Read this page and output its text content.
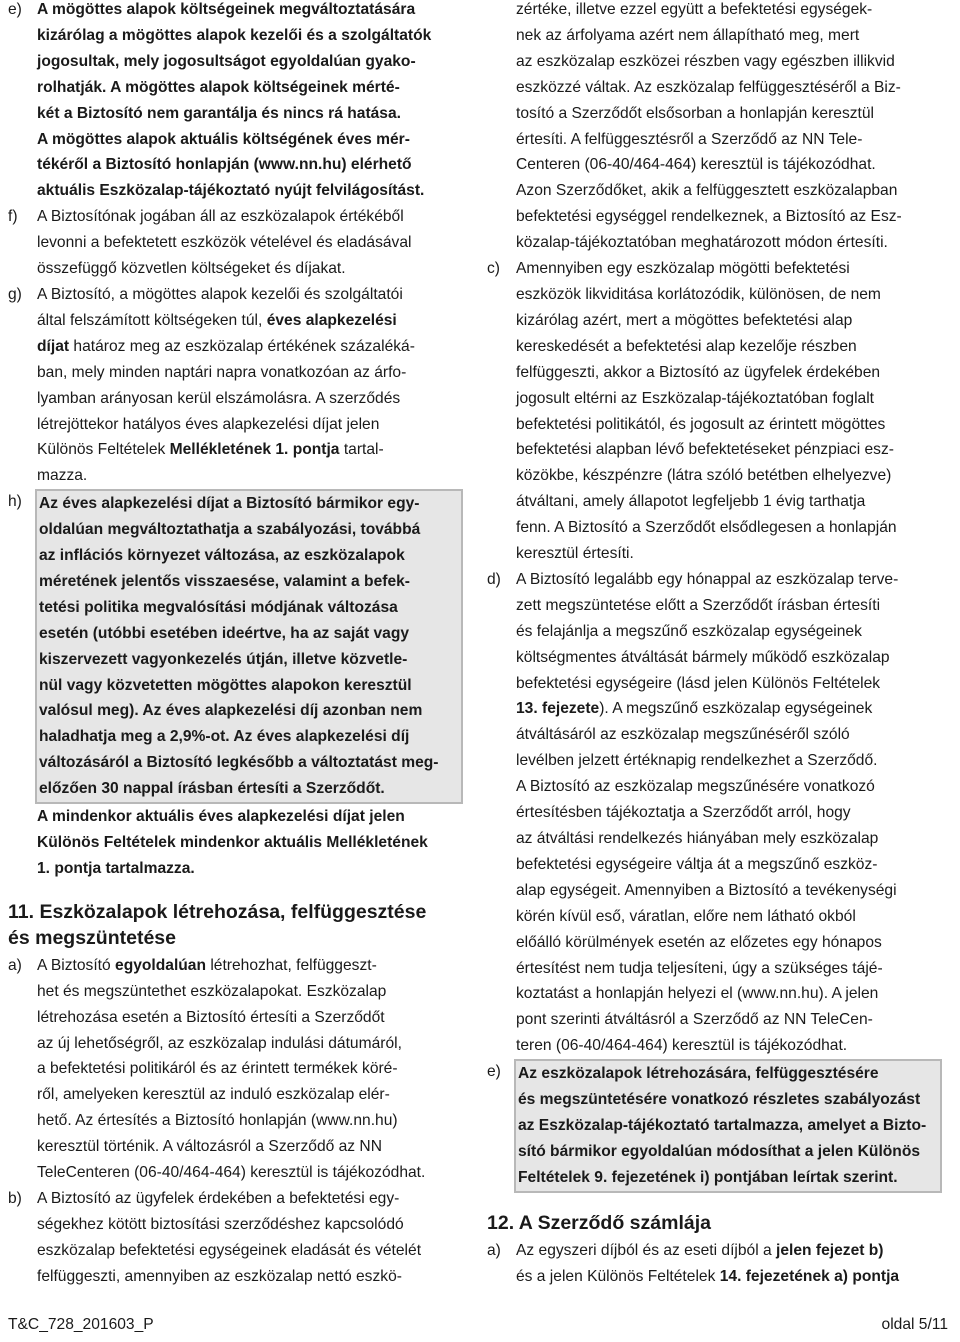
e) A mögöttes alapok költségeinek megváltoztatására
kizárólag a mögöttes alapok kezelői és a szolgáltatók
jogosultak, mely jogosultságot egyoldalúan gyako-
rolhatják. A mögöttes alapok költségeinek mérté-
két a Biztosító nem garantálja és nincs rá hatása.
A mögöttes alapok aktuális költségének éves mér-
tékéről a Biztosító honlapján (www.nn.hu) elérhető
aktuális Eszközalap-tájékoztató nyújt felvilágosítást.
f)	A Biztosítónak jogában áll az eszközalapok értékéből
levonni a befektetett eszközök vételével és eladásával
összefüggő közvetlen költségeket és díjakat.
g) A Biztosító, a mögöttes alapok kezelői és szolgáltatói
által felszámított költségeken túl, éves alapkezelési
díjat határoz meg az eszközalap értékének százaléká-
ban, mely minden naptári napra vonatkozóan az árfo-
lyamban arányosan kerül elszámolásra. A szerződés
létrejöttekor hatályos éves alapkezelési díjat jelen
Különös Feltételek Mellékletének 1. pontja tartal-
mazza.
h)	Az éves alapkezelési díjat a Biztosító bármikor egy-
oldalúan megváltoztathatja a szabályozási, továbbá
az inflációs környezet változása, az eszközalapok
méretének jelentős visszaesése, valamint a befek-
tetési politika megvalósítási módjának változása
esetén (utóbbi esetében ideértve, ha az saját vagy
kiszervezett vagyonkezelés útján, illetve közvetle-
nül vagy közvetetten mögöttes alapokon keresztül
valósul meg). Az éves alapkezelési díj azonban nem
haladhatja meg a 2,9%-ot. Az éves alapkezelési díj
változásáról a Biztosító legkésőbb a változtatást meg-
előzően 30 nappal írásban értesíti a Szerződőt.
A mindenkor aktuális éves alapkezelési díjat jelen
Különös Feltételek mindenkor aktuális Mellékletének
1. pontja tartalmazza.
11. Eszközalapok létrehozása, felfüggesztése
és megszüntetése
a) A Biztosító egyoldalúan létrehozhat, felfüggeszt-
het és megszüntethet eszközalapokat. Eszközalap
létrehozása esetén a Biztosító értesíti a Szerződőt
az új lehetőségről, az eszközalap indulási dátumáról,
a befektetési politikáról és az érintett termékek köré-
ről, amelyeken keresztül az induló eszközalap elér-
hető. Az értesítés a Biztosító honlapján (www.nn.hu)
keresztül történik. A változásról a Szerződő az NN
TeleCenteren (06-40/464-464) keresztül is tájékozódhat.
b) A Biztosító az ügyfelek érdekében a befektetési egy-
ségekhez kötött biztosítási szerződéshez kapcsolódó
eszközalap befektetési egységeinek eladását és vételét
felfüggeszti, amennyiben az eszközalap nettó eszkö-
zértéke, illetve ezzel együtt a befektetési egységek-
nek az árfolyama azért nem állapítható meg, mert
az eszközalap eszközei részben vagy egészben illikvid
eszközzé váltak. Az eszközalap felfüggesztéséről a Biz-
tosító a Szerződőt elsősorban a honlapján keresztül
értesíti. A felfüggesztésről a Szerződő az NN Tele-
Centeren (06-40/464-464) keresztül is tájékozódhat.
Azon Szerződőket, akik a felfüggesztett eszközalapban
befektetési egységgel rendelkeznek, a Biztosító az Esz-
közalap-tájékoztatóban meghatározott módon értesíti.
c)	Amennyiben egy eszközalap mögötti befektetési
eszközök likviditása korlátozódik, különösen, de nem
kizárólag azért, mert a mögöttes befektetési alap
kereskedését a befektetési alap kezelője részben
felfüggeszti, akkor a Biztosító az ügyfelek érdekében
jogosult eltérni az Eszközalap-tájékoztatóban foglalt
befektetési politikától, és jogosult az érintett mögöttes
befektetési alapban lévő befektetéseket pénzpiaci esz-
közökbe, készpénzre (látra szóló betétben elhelyezve)
átváltani, amely állapotot legfeljebb 1 évig tarthatja
fenn. A Biztosító a Szerződőt elsődlegesen a honlapján
keresztül értesíti.
d) A Biztosító legalább egy hónappal az eszközalap terve-
zett megszüntetése előtt a Szerződőt írásban értesíti
és felajánlja a megszűnő eszközalap egységeinek
költségmentes átváltását bármely működő eszközalap
befektetési egységeire (lásd jelen Különös Feltételek
13. fejezete). A megszűnő eszközalap egységeinek
átváltásáról az eszközalap megszűnéséről szóló
levélben jelzett értéknapig rendelkezhet a Szerződő.
A Biztosító az eszközalap megszűnésére vonatkozó
értesítésben tájékoztatja a Szerződőt arról, hogy
az átváltási rendelkezés hiányában mely eszközalap
befektetési egységeire váltja át a megszűnő eszköz-
alap egységeit. Amennyiben a Biztosító a tevékenységi
körén kívül eső, váratlan, előre nem látható okból
előálló körülmények esetén az előzetes egy hónapos
értesítést nem tudja teljesíteni, úgy a szükséges tájé-
koztatást a honlapján helyezi el (www.nn.hu). A jelen
pont szerinti átváltásról a Szerződő az NN TeleCen-
teren (06-40/464-464) keresztül is tájékozódhat.
e)	Az eszközalapok létrehozására, felfüggesztésére
és megszüntetésére vonatkozó részletes szabályozást
az Eszközalap-tájékoztató tartalmazza, amelyet a Bizto-
sító bármikor egyoldalúan módosíthat a jelen Különös
Feltételek 9. fejezetének i) pontjában leírtak szerint.
12. A Szerződő számlája
a) Az egyszeri díjból és az eseti díjból a jelen fejezet b)
és a jelen Különös Feltételek 14. fejezetének a) pontja
T&C_728_201603_P	oldal 5/11
